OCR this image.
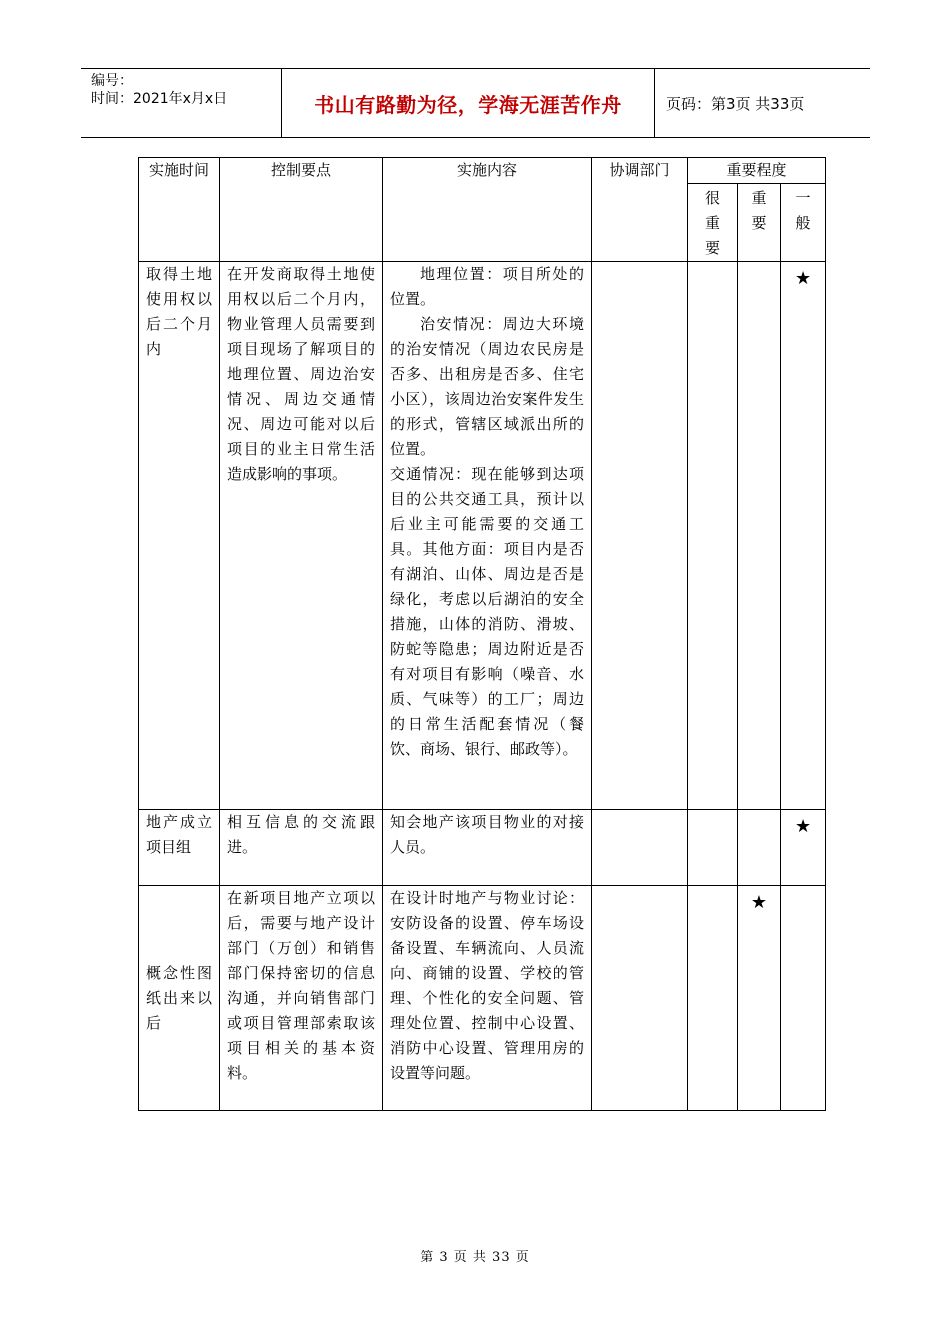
编号：
时间：2021年x月x日	书山有路勤为径，学海无涯苦作舟	页码：第3页 共33页
实施时间	控制要点	实施内容	协调部门	重要程度		
				很重要	重要	一般
取得土地使用权以后二个月内	在开发商取得土地使用权以后二个月内，物业管理人员需要到项目现场了解项目的地理位置、周边治安情况、周边交通情况、周边可能对以后项目的业主日常生活造成影响的事项。	地理位置：项目所处的位置。

治安情况：周边大环境的治安情况（周边农民房是否多、出租房是否多、住宅小区），该周边治安案件发生的形式，管辖区域派出所的位置。

交通情况：现在能够到达项目的公共交通工具，预计以后业主可能需要的交通工具。其他方面：项目内是否有湖泊、山体、周边是否是绿化，考虑以后湖泊的安全措施，山体的消防、滑坡、防蛇等隐患；周边附近是否有对项目有影响（噪音、水质、气味等）的工厂；周边的日常生活配套情况（餐饮、商场、银行、邮政等）。				★
地产成立项目组	相互信息的交流跟进。	知会地产该项目物业的对接人员。				★
概念性图纸出来以后	在新项目地产立项以后，需要与地产设计部门（万创）和销售部门保持密切的信息沟通，并向销售部门或项目管理部索取该项目相关的基本资料。	在设计时地产与物业讨论：安防设备的设置、停车场设备设置、车辆流向、人员流向、商铺的设置、学校的管理、个性化的安全问题、管理处位置、控制中心设置、消防中心设置、管理用房的设置等问题。			★	
第 3 页 共 33 页
